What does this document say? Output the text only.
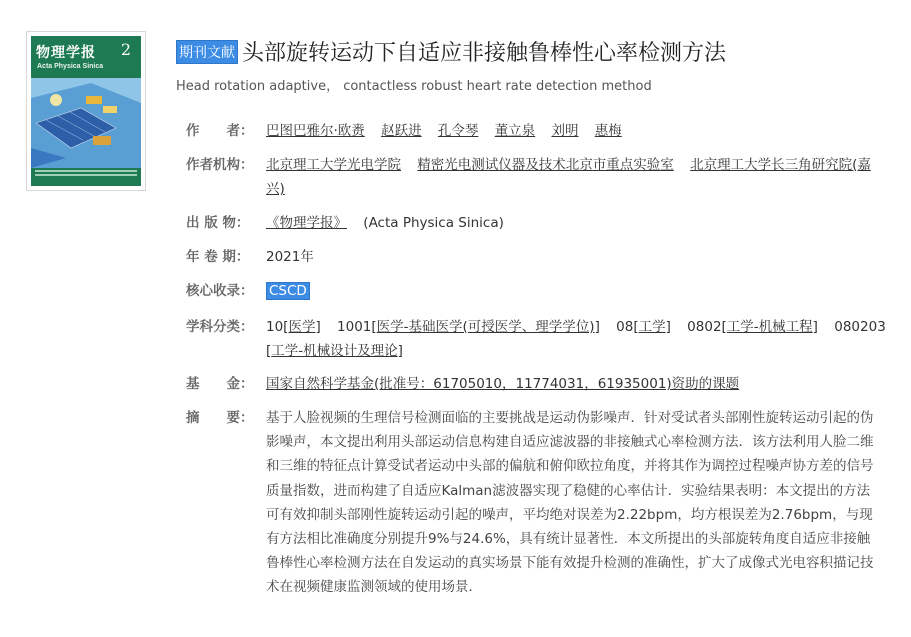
物理学报 2
Acta Physica Sinica
期刊文献 头部旋转运动下自适应非接触鲁棒性心率检测方法
Head rotation adaptive， contactless robust heart rate detection method
作　　者： 巴图巴雅尔·欧赉 赵跃进 孔令琴 董立泉 刘明 惠梅
作者机构： 北京理工大学光电学院 精密光电测试仪器及技术北京市重点实验室 北京理工大学长三角研究院(嘉兴)
出 版 物：	《物理学报》 (Acta Physica Sinica)
年 卷 期：	2021年
核心收录：	CSCD
学科分类： 10[医学] 1001[医学-基础医学(可授医学、理学学位)] 08[工学] 0802[工学-机械工程] 080203
[工学-机械设计及理论]
基　　金： 国家自然科学基金(批准号：61705010，11774031，61935001)资助的课题
摘　　要： 基于人脸视频的生理信号检测面临的主要挑战是运动伪影噪声．针对受试者头部刚性旋转运动引起的伪影噪声，本文提出利用头部运动信息构建自适应滤波器的非接触式心率检测方法．该方法利用人脸二维和三维的特征点计算受试者运动中头部的偏航和俯仰欧拉角度，并将其作为调控过程噪声协方差的信号质量指数，进而构建了自适应Kalman滤波器实现了稳健的心率估计．实验结果表明：本文提出的方法可有效抑制头部刚性旋转运动引起的噪声，平均绝对误差为2.22bpm，均方根误差为2.76bpm，与现有方法相比准确度分别提升9%与24.6%，具有统计显著性．本文所提出的头部旋转角度自适应非接触鲁棒性心率检测方法在自发运动的真实场景下能有效提升检测的准确性，扩大了成像式光电容积描记技术在视频健康监测领域的使用场景．
